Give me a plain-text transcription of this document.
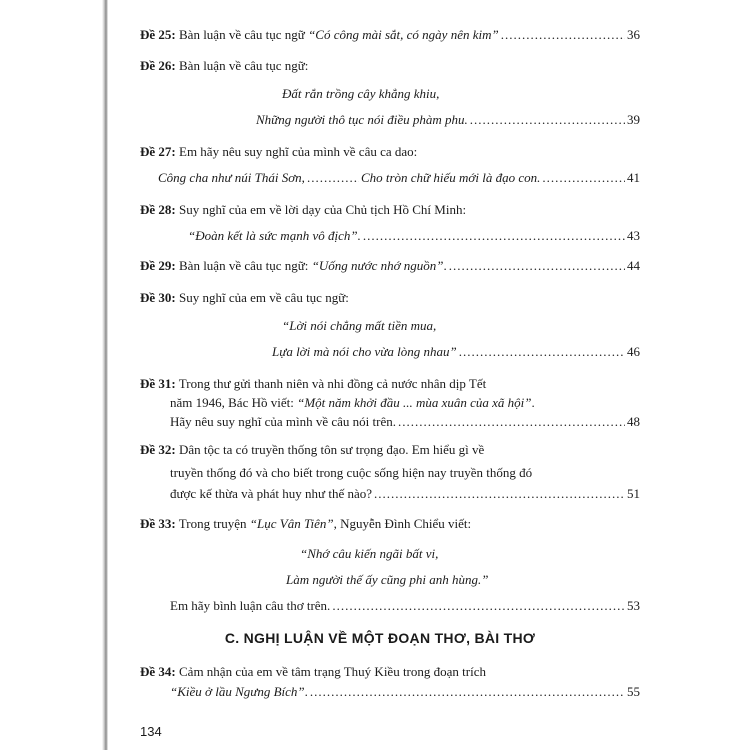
Đề 25: Bàn luận về câu tục ngữ “Có công mài sắt, có ngày nên kim” .....	36
Đề 26: Bàn luận về câu tục ngữ:
Đất rắn trồng cây khẳng khiu,
Những người thô tục nói điều phàm phu. .....	39
Đề 27: Em hãy nêu suy nghĩ của mình về câu ca dao:
Công cha như núi Thái Sơn, .....	Cho tròn chữ hiếu mới là đạo con. .....	41
Đề 28: Suy nghĩ của em về lời dạy của Chủ tịch Hồ Chí Minh:
“Đoàn kết là sức mạnh vô địch”. .....	43
Đề 29: Bàn luận về câu tục ngữ: “Uống nước nhớ nguồn”. .....	44
Đề 30: Suy nghĩ của em về câu tục ngữ:
“Lời nói chẳng mất tiền mua,
Lựa lời mà nói cho vừa lòng nhau” .....	46
Đề 31: Trong thư gửi thanh niên và nhi đồng cả nước nhân dịp Tết
năm 1946, Bác Hồ viết: “Một năm khởi đầu ... mùa xuân của xã hội”.
Hãy nêu suy nghĩ của mình về câu nói trên. .....	48
Đề 32: Dân tộc ta có truyền thống tôn sư trọng đạo. Em hiểu gì về
truyền thống đó và cho biết trong cuộc sống hiện nay truyền thống đó
được kế thừa và phát huy như thế nào? .....	51
Đề 33: Trong truyện “Lục Vân Tiên”, Nguyễn Đình Chiểu viết:
“Nhớ câu kiến ngãi bất vi,
Làm người thế ấy cũng phi anh hùng.”
Em hãy bình luận câu thơ trên. .....	53
C. NGHỊ LUẬN VỀ MỘT ĐOẠN THƠ, BÀI THƠ
Đề 34: Cảm nhận của em về tâm trạng Thuý Kiều trong đoạn trích
“Kiều ở lầu Ngưng Bích”. .....	55
134
